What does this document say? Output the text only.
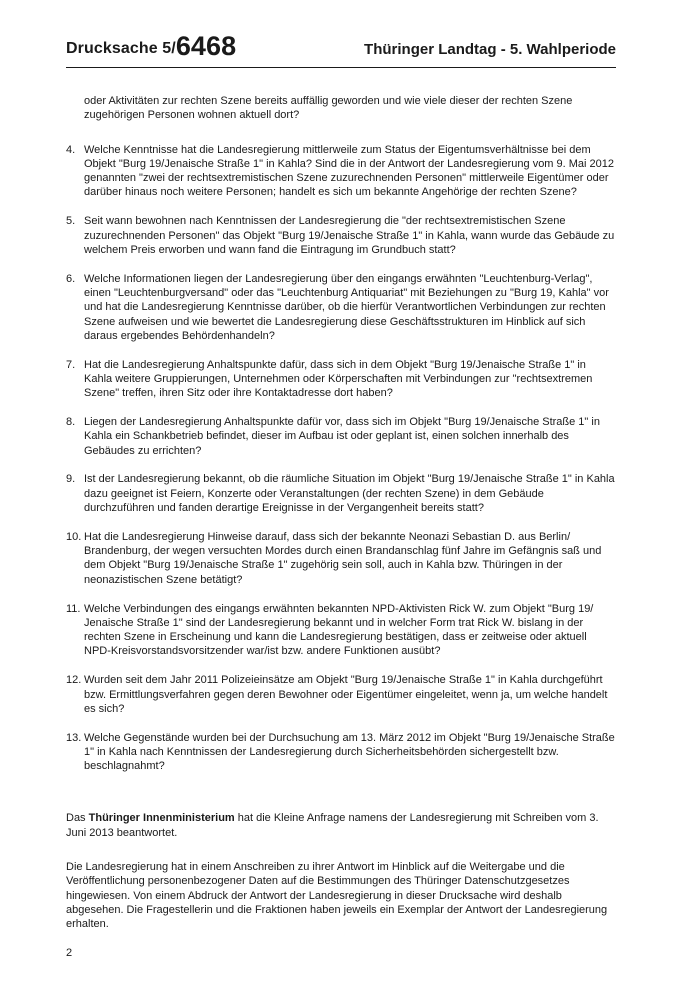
Drucksache 5/6468	Thüringer Landtag - 5. Wahlperiode

oder Aktivitäten zur rechten Szene bereits auffällig geworden und wie viele dieser der rechten Szene zugehörigen Personen wohnen aktuell dort?

4. Welche Kenntnisse hat die Landesregierung mittlerweile zum Status der Eigentumsverhältnisse bei dem Objekt "Burg 19/Jenaische Straße 1" in Kahla? Sind die in der Antwort der Landesregierung vom 9. Mai 2012 genannten "zwei der rechtsextremistischen Szene zuzurechnenden Personen" mittlerweile Eigentümer oder darüber hinaus noch weitere Personen; handelt es sich um bekannte Angehörige der rechten Szene?
5. Seit wann bewohnen nach Kenntnissen der Landesregierung die "der rechtsextremistischen Szene zuzurechnenden Personen" das Objekt "Burg 19/Jenaische Straße 1" in Kahla, wann wurde das Gebäude zu welchem Preis erworben und wann fand die Eintragung im Grundbuch statt?
6. Welche Informationen liegen der Landesregierung über den eingangs erwähnten "Leuchtenburg-Verlag", einen "Leuchtenburgversand" oder das "Leuchtenburg Antiquariat" mit Beziehungen zu "Burg 19, Kahla" vor und hat die Landesregierung Kenntnisse darüber, ob die hierfür Verantwortlichen Verbindungen zur rechten Szene aufweisen und wie bewertet die Landesregierung diese Geschäftsstrukturen im Hinblick auf sich daraus ergebendes Behördenhandeln?
7. Hat die Landesregierung Anhaltspunkte dafür, dass sich in dem Objekt "Burg 19/Jenaische Straße 1" in Kahla weitere Gruppierungen, Unternehmen oder Körperschaften mit Verbindungen zur "rechtsextremen Szene" treffen, ihren Sitz oder ihre Kontaktadresse dort haben?
8. Liegen der Landesregierung Anhaltspunkte dafür vor, dass sich im Objekt "Burg 19/Jenaische Straße 1" in Kahla ein Schankbetrieb befindet, dieser im Aufbau ist oder geplant ist, einen solchen innerhalb des Gebäudes zu errichten?
9. Ist der Landesregierung bekannt, ob die räumliche Situation im Objekt "Burg 19/Jenaische Straße 1" in Kahla dazu geeignet ist Feiern, Konzerte oder Veranstaltungen (der rechten Szene) in dem Gebäude durchzuführen und fanden derartige Ereignisse in der Vergangenheit bereits statt?
10. Hat die Landesregierung Hinweise darauf, dass sich der bekannte Neonazi Sebastian D. aus Berlin/ Brandenburg, der wegen versuchten Mordes durch einen Brandanschlag fünf Jahre im Gefängnis saß und dem Objekt "Burg 19/Jenaische Straße 1" zugehörig sein soll, auch in Kahla bzw. Thüringen in der neonazistischen Szene betätigt?
11. Welche Verbindungen des eingangs erwähnten bekannten NPD-Aktivisten Rick W. zum Objekt "Burg 19/ Jenaische Straße 1" sind der Landesregierung bekannt und in welcher Form trat Rick W. bislang in der rechten Szene in Erscheinung und kann die Landesregierung bestätigen, dass er zeitweise oder aktuell NPD-Kreisvorstandsvorsitzender war/ist bzw. andere Funktionen ausübt?
12. Wurden seit dem Jahr 2011 Polizeieinsätze am Objekt "Burg 19/Jenaische Straße 1" in Kahla durchgeführt bzw. Ermittlungsverfahren gegen deren Bewohner oder Eigentümer eingeleitet, wenn ja, um welche handelt es sich?
13. Welche Gegenstände wurden bei der Durchsuchung am 13. März 2012 im Objekt "Burg 19/Jenaische Straße 1" in Kahla nach Kenntnissen der Landesregierung durch Sicherheitsbehörden sichergestellt bzw. beschlagnahmt?

Das Thüringer Innenministerium hat die Kleine Anfrage namens der Landesregierung mit Schreiben vom 3. Juni 2013 beantwortet.

Die Landesregierung hat in einem Anschreiben zu ihrer Antwort im Hinblick auf die Weitergabe und die Veröffentlichung personenbezogener Daten auf die Bestimmungen des Thüringer Datenschutzgesetzes hingewiesen. Von einem Abdruck der Antwort der Landesregierung in dieser Drucksache wird deshalb abgesehen. Die Fragestellerin und die Fraktionen haben jeweils ein Exemplar der Antwort der Landesregierung erhalten.

2
